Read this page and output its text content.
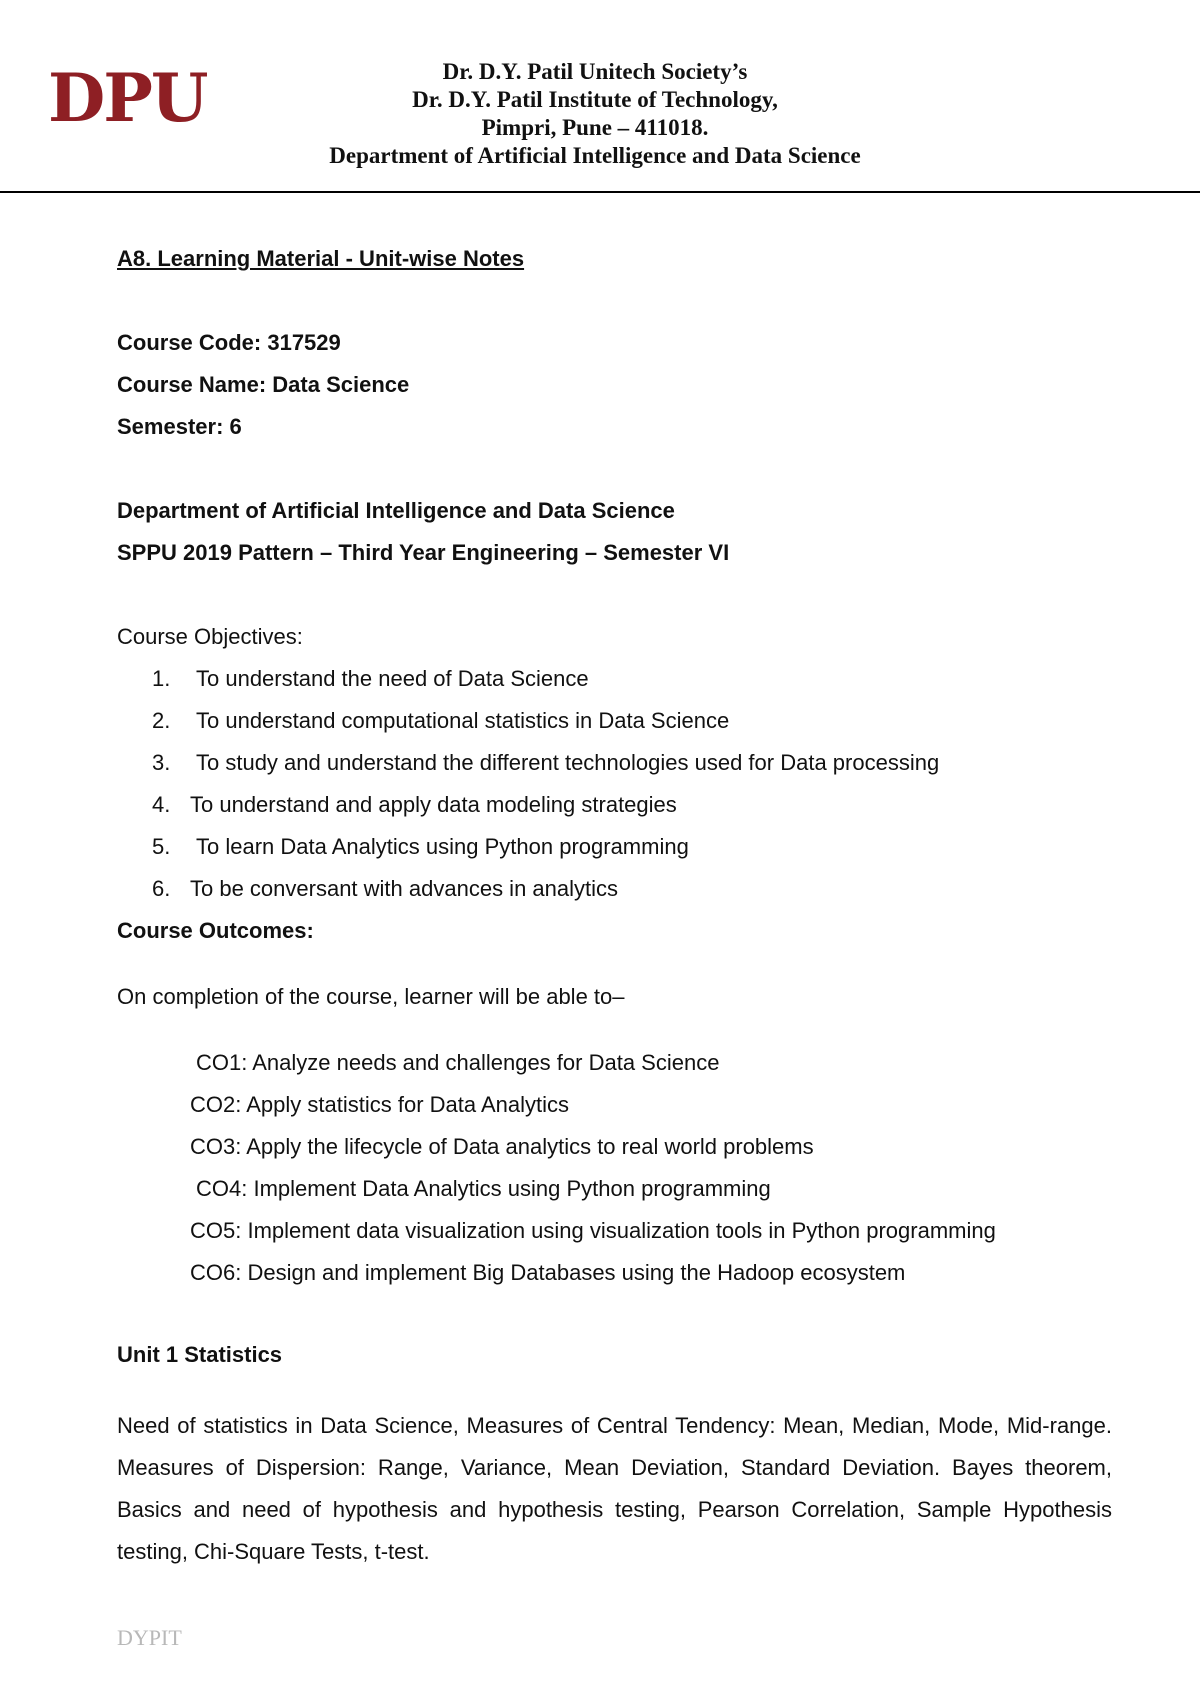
DPU	Dr. D.Y. Patil Unitech Society’s
Dr. D.Y. Patil Institute of Technology,
Pimpri, Pune – 411018.
Department of Artificial Intelligence and Data Science
A8. Learning Material - Unit-wise Notes
Course Code: 317529
Course Name: Data Science
Semester: 6
Department of Artificial Intelligence and Data Science
SPPU 2019 Pattern – Third Year Engineering – Semester VI
Course Objectives:
1. To understand the need of Data Science
2. To understand computational statistics in Data Science
3. To study and understand the different technologies used for Data processing
4. To understand and apply data modeling strategies
5. To learn Data Analytics using Python programming
6. To be conversant with advances in analytics
Course Outcomes:
On completion of the course, learner will be able to–
CO1: Analyze needs and challenges for Data Science
CO2: Apply statistics for Data Analytics
CO3: Apply the lifecycle of Data analytics to real world problems
CO4: Implement Data Analytics using Python programming
CO5: Implement data visualization using visualization tools in Python programming
CO6: Design and implement Big Databases using the Hadoop ecosystem
Unit 1 Statistics
Need of statistics in Data Science, Measures of Central Tendency: Mean, Median, Mode, Mid-range. Measures of Dispersion: Range, Variance, Mean Deviation, Standard Deviation. Bayes theorem, Basics and need of hypothesis and hypothesis testing, Pearson Correlation, Sample Hypothesis testing, Chi-Square Tests, t-test.
DYPIT
